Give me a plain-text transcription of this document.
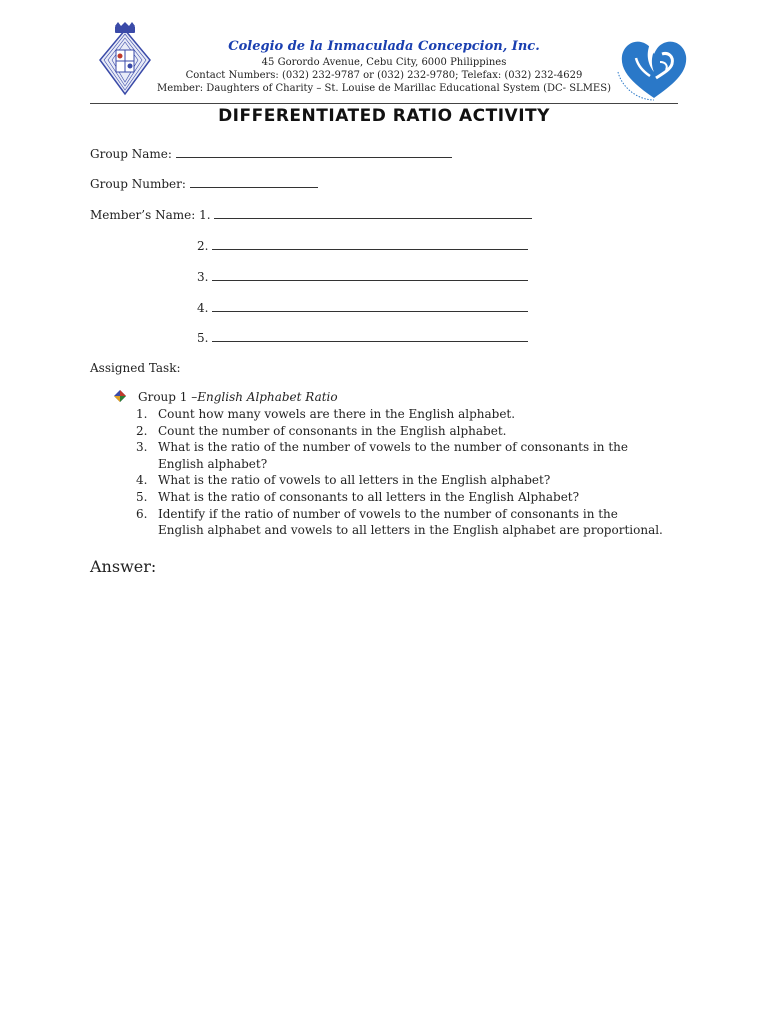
Colegio de la Inmaculada Concepcion, Inc.
45 Gorordo Avenue, Cebu City, 6000 Philippines
Contact Numbers: (032) 232-9787 or (032) 232-9780; Telefax: (032) 232-4629
Member: Daughters of Charity – St. Louise de Marillac Educational System (DC- SLMES)
DIFFERENTIATED RATIO ACTIVITY
Group Name:
Group Number:
Member’s Name: 1.
2.
3.
4.
5.
Assigned Task:
Group 1 –English Alphabet Ratio
1. Count how many vowels are there in the English alphabet.
2. Count the number of consonants in the English alphabet.
3. What is the ratio of the number of vowels to the number of consonants in the English alphabet?
4. What is the ratio of vowels to all letters in the English alphabet?
5. What is the ratio of consonants to all letters in the English Alphabet?
6. Identify if the ratio of number of vowels to the number of consonants in the English alphabet and vowels to all letters in the English alphabet are proportional.
Answer:
